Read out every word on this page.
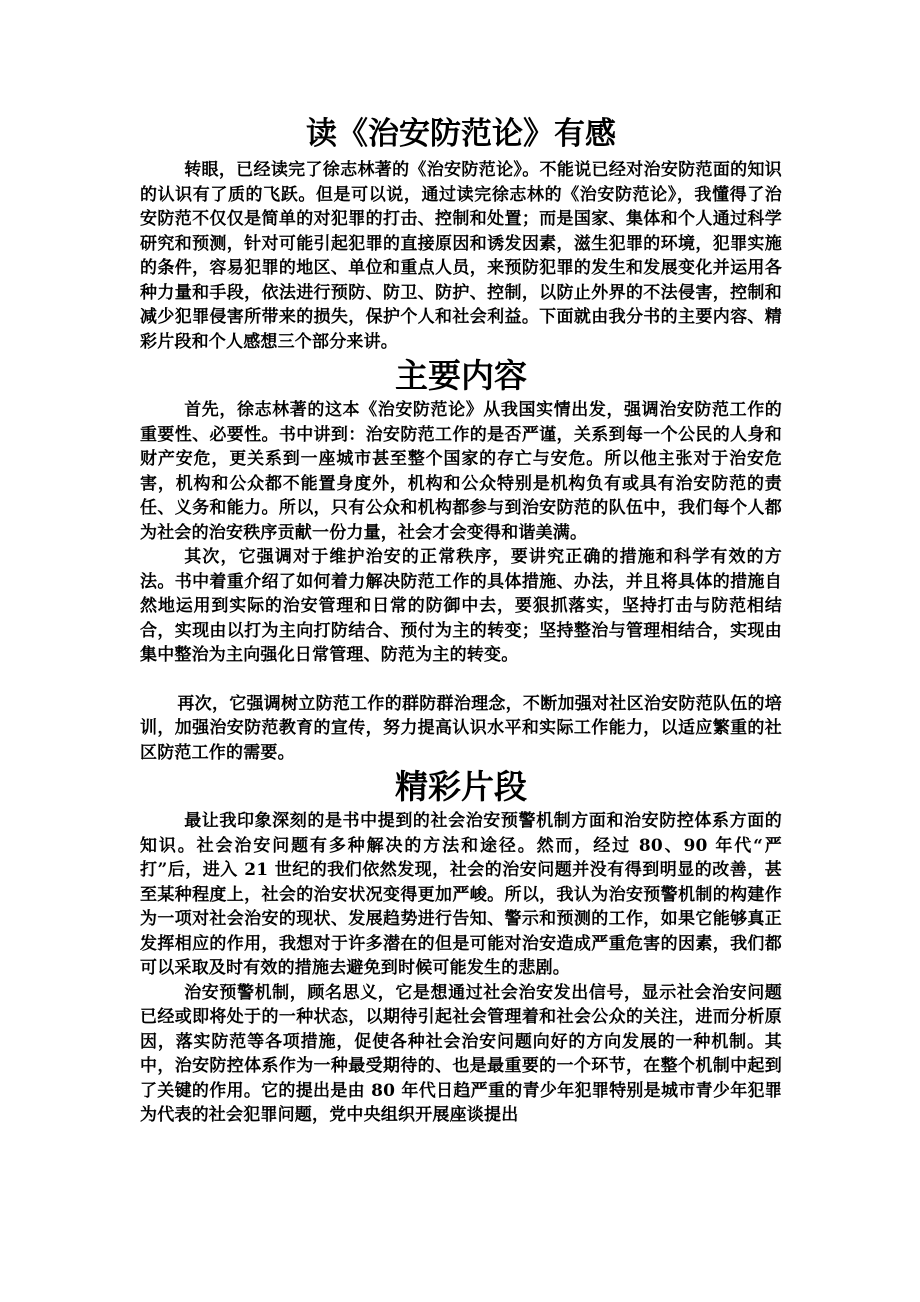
读《治安防范论》有感

转眼，已经读完了徐志林著的《治安防范论》。不能说已经对治安防范面的知识的认识有了质的飞跃。但是可以说，通过读完徐志林的《治安防范论》，我懂得了治安防范不仅仅是简单的对犯罪的打击、控制和处置；而是国家、集体和个人通过科学研究和预测，针对可能引起犯罪的直接原因和诱发因素，滋生犯罪的环境，犯罪实施的条件，容易犯罪的地区、单位和重点人员，来预防犯罪的发生和发展变化并运用各种力量和手段，依法进行预防、防卫、防护、控制，以防止外界的不法侵害，控制和减少犯罪侵害所带来的损失，保护个人和社会利益。下面就由我分书的主要内容、精彩片段和个人感想三个部分来讲。

主要内容

首先，徐志林著的这本《治安防范论》从我国实情出发，强调治安防范工作的重要性、必要性。书中讲到：治安防范工作的是否严谨，关系到每一个公民的人身和财产安危，更关系到一座城市甚至整个国家的存亡与安危。所以他主张对于治安危害，机构和公众都不能置身度外，机构和公众特别是机构负有或具有治安防范的责任、义务和能力。所以，只有公众和机构都参与到治安防范的队伍中，我们每个人都为社会的治安秩序贡献一份力量，社会才会变得和谐美满。

其次，它强调对于维护治安的正常秩序，要讲究正确的措施和科学有效的方法。书中着重介绍了如何着力解决防范工作的具体措施、办法，并且将具体的措施自然地运用到实际的治安管理和日常的防御中去，要狠抓落实，坚持打击与防范相结合，实现由以打为主向打防结合、预付为主的转变；坚持整治与管理相结合，实现由集中整治为主向强化日常管理、防范为主的转变。

再次，它强调树立防范工作的群防群治理念，不断加强对社区治安防范队伍的培训，加强治安防范教育的宣传，努力提高认识水平和实际工作能力，以适应繁重的社区防范工作的需要。

精彩片段

最让我印象深刻的是书中提到的社会治安预警机制方面和治安防控体系方面的知识。社会治安问题有多种解决的方法和途径。然而，经过 80、90 年代“严打”后，进入 21 世纪的我们依然发现，社会的治安问题并没有得到明显的改善，甚至某种程度上，社会的治安状况变得更加严峻。所以，我认为治安预警机制的构建作为一项对社会治安的现状、发展趋势进行告知、警示和预测的工作，如果它能够真正发挥相应的作用，我想对于许多潜在的但是可能对治安造成严重危害的因素，我们都可以采取及时有效的措施去避免到时候可能发生的悲剧。

治安预警机制，顾名思义，它是想通过社会治安发出信号，显示社会治安问题已经或即将处于的一种状态，以期待引起社会管理着和社会公众的关注，进而分析原因，落实防范等各项措施，促使各种社会治安问题向好的方向发展的一种机制。其中，治安防控体系作为一种最受期待的、也是最重要的一个环节，在整个机制中起到了关键的作用。它的提出是由 80 年代日趋严重的青少年犯罪特别是城市青少年犯罪为代表的社会犯罪问题，党中央组织开展座谈提出
